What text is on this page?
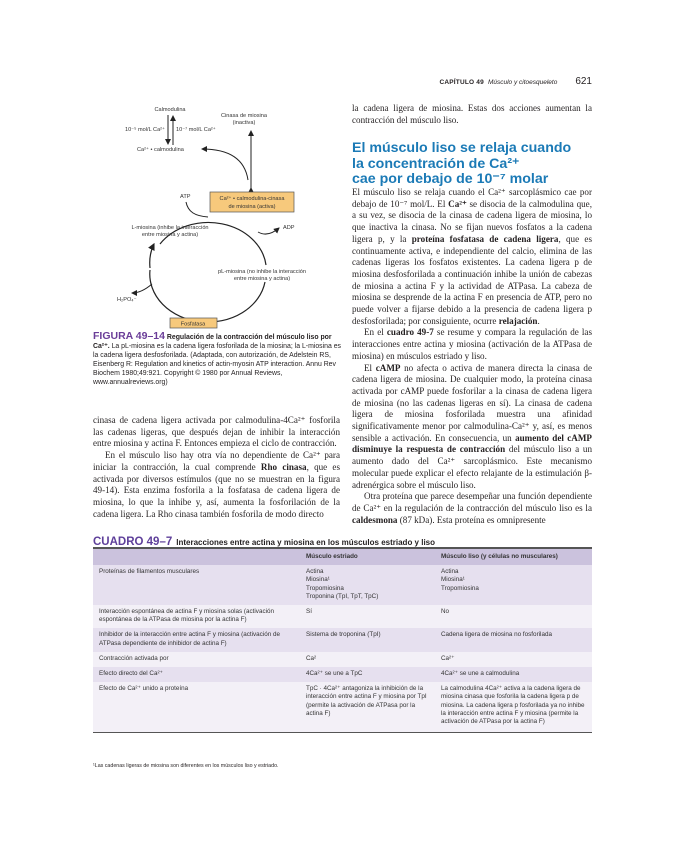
CAPÍTULO 49 Músculo y citoesqueleto 621
Calmodulina
10⁻⁵ mol/L Ca²⁺ 10⁻⁷ mol/L Ca²⁺
Ca²⁺ • calmodulina
Cinasa de miosina
(inactiva)
Ca²⁺ • calmodulina-cinasa
de miosina (activa)
ATP
ADP
L-miosina (inhibe la interacción
entre miosina y actina)
pL-miosina (no inhibe la interacción
entre miosina y actina)
H₂PO₄⁻
Fosfatasa
FIGURA 49–14 Regulación de la contracción del músculo liso por Ca²⁺. La pL-miosina es la cadena ligera fosforilada de la miosina; la L-miosina es la cadena ligera desfosforilada. (Adaptada, con autorización, de Adelstein RS, Eisenberg R: Regulation and kinetics of actin-myosin ATP interaction. Annu Rev Biochem 1980;49:921. Copyright © 1980 por Annual Reviews, www.annualreviews.org)

cinasa de cadena ligera activada por calmodulina-4Ca²⁺ fosforila las cadenas ligeras, que después dejan de inhibir la interacción entre miosina y actina F. Entonces empieza el ciclo de contracción.

En el músculo liso hay otra vía no dependiente de Ca²⁺ para iniciar la contracción, la cual comprende Rho cinasa, que es activada por diversos estímulos (que no se muestran en la figura 49-14). Esta enzima fosforila a la fosfatasa de cadena ligera de miosina, lo que la inhibe y, así, aumenta la fosforilación de la cadena ligera. La Rho cinasa también fosforila de modo directo

la cadena ligera de miosina. Estas dos acciones aumentan la contracción del músculo liso.

El músculo liso se relaja cuando
la concentración de Ca²⁺
cae por debajo de 10⁻⁷ molar

El músculo liso se relaja cuando el Ca²⁺ sarcoplásmico cae por debajo de 10⁻⁷ mol/L. El Ca²⁺ se disocia de la calmodulina que, a su vez, se disocia de la cinasa de cadena ligera de miosina, lo que inactiva la cinasa. No se fijan nuevos fosfatos a la cadena ligera p, y la proteína fosfatasa de cadena ligera, que es continuamente activa, e independiente del calcio, elimina de las cadenas ligeras los fosfatos existentes. La cadena ligera p de miosina desfosforilada a continuación inhibe la unión de cabezas de miosina a actina F y la actividad de ATPasa. La cabeza de miosina se desprende de la actina F en presencia de ATP, pero no puede volver a fijarse debido a la presencia de cadena ligera p desfosforilada; por consiguiente, ocurre relajación.

En el cuadro 49-7 se resume y compara la regulación de las interacciones entre actina y miosina (activación de la ATPasa de miosina) en músculos estriado y liso.

El cAMP no afecta o activa de manera directa la cinasa de cadena ligera de miosina. De cualquier modo, la proteína cinasa activada por cAMP puede fosforilar a la cinasa de cadena ligera de miosina (no las cadenas ligeras en sí). La cinasa de cadena ligera de miosina fosforilada muestra una afinidad significativamente menor por calmodulina-Ca²⁺ y, así, es menos sensible a activación. En consecuencia, un aumento del cAMP disminuye la respuesta de contracción del músculo liso a un aumento dado del Ca²⁺ sarcoplásmico. Este mecanismo molecular puede explicar el efecto relajante de la estimulación β-adrenérgica sobre el músculo liso.

Otra proteína que parece desempeñar una función dependiente de Ca²⁺ en la regulación de la contracción del músculo liso es la caldesmona (87 kDa). Esta proteína es omnipresente

CUADRO 49–7 Interacciones entre actina y miosina en los músculos estriado y liso
	Músculo estriado	Músculo liso (y células no musculares)
Proteínas de filamentos musculares	Actina
Miosina¹
Tropomiosina
Troponina (TpI, TpT, TpC)	Actina
Miosina¹
Tropomiosina
Interacción espontánea de actina F y miosina solas (activación espontánea de la ATPasa de miosina por la actina F)	Sí	No
Inhibidor de la interacción entre actina F y miosina (activación de ATPasa dependiente de inhibidor de actina F)	Sistema de troponina (TpI)	Cadena ligera de miosina no fosforilada
Contracción activada por	Ca²	Ca²⁺
Efecto directo del Ca²⁺	4Ca²⁺ se une a TpC	4Ca²⁺ se une a calmodulina
Efecto de Ca²⁺ unido a proteína	TpC · 4Ca²⁺ antagoniza la inhibición de la interacción entre actina F y miosina por TpI (permite la activación de ATPasa por la actina F)	La calmodulina 4Ca²⁺ activa a la cadena ligera de miosina cinasa que fosforila la cadena ligera p de miosina. La cadena ligera p fosforilada ya no inhibe la interacción entre actina F y miosina (permite la activación de ATPasa por la actina F)
¹Las cadenas ligeras de miosina son diferentes en los músculos liso y estriado.
